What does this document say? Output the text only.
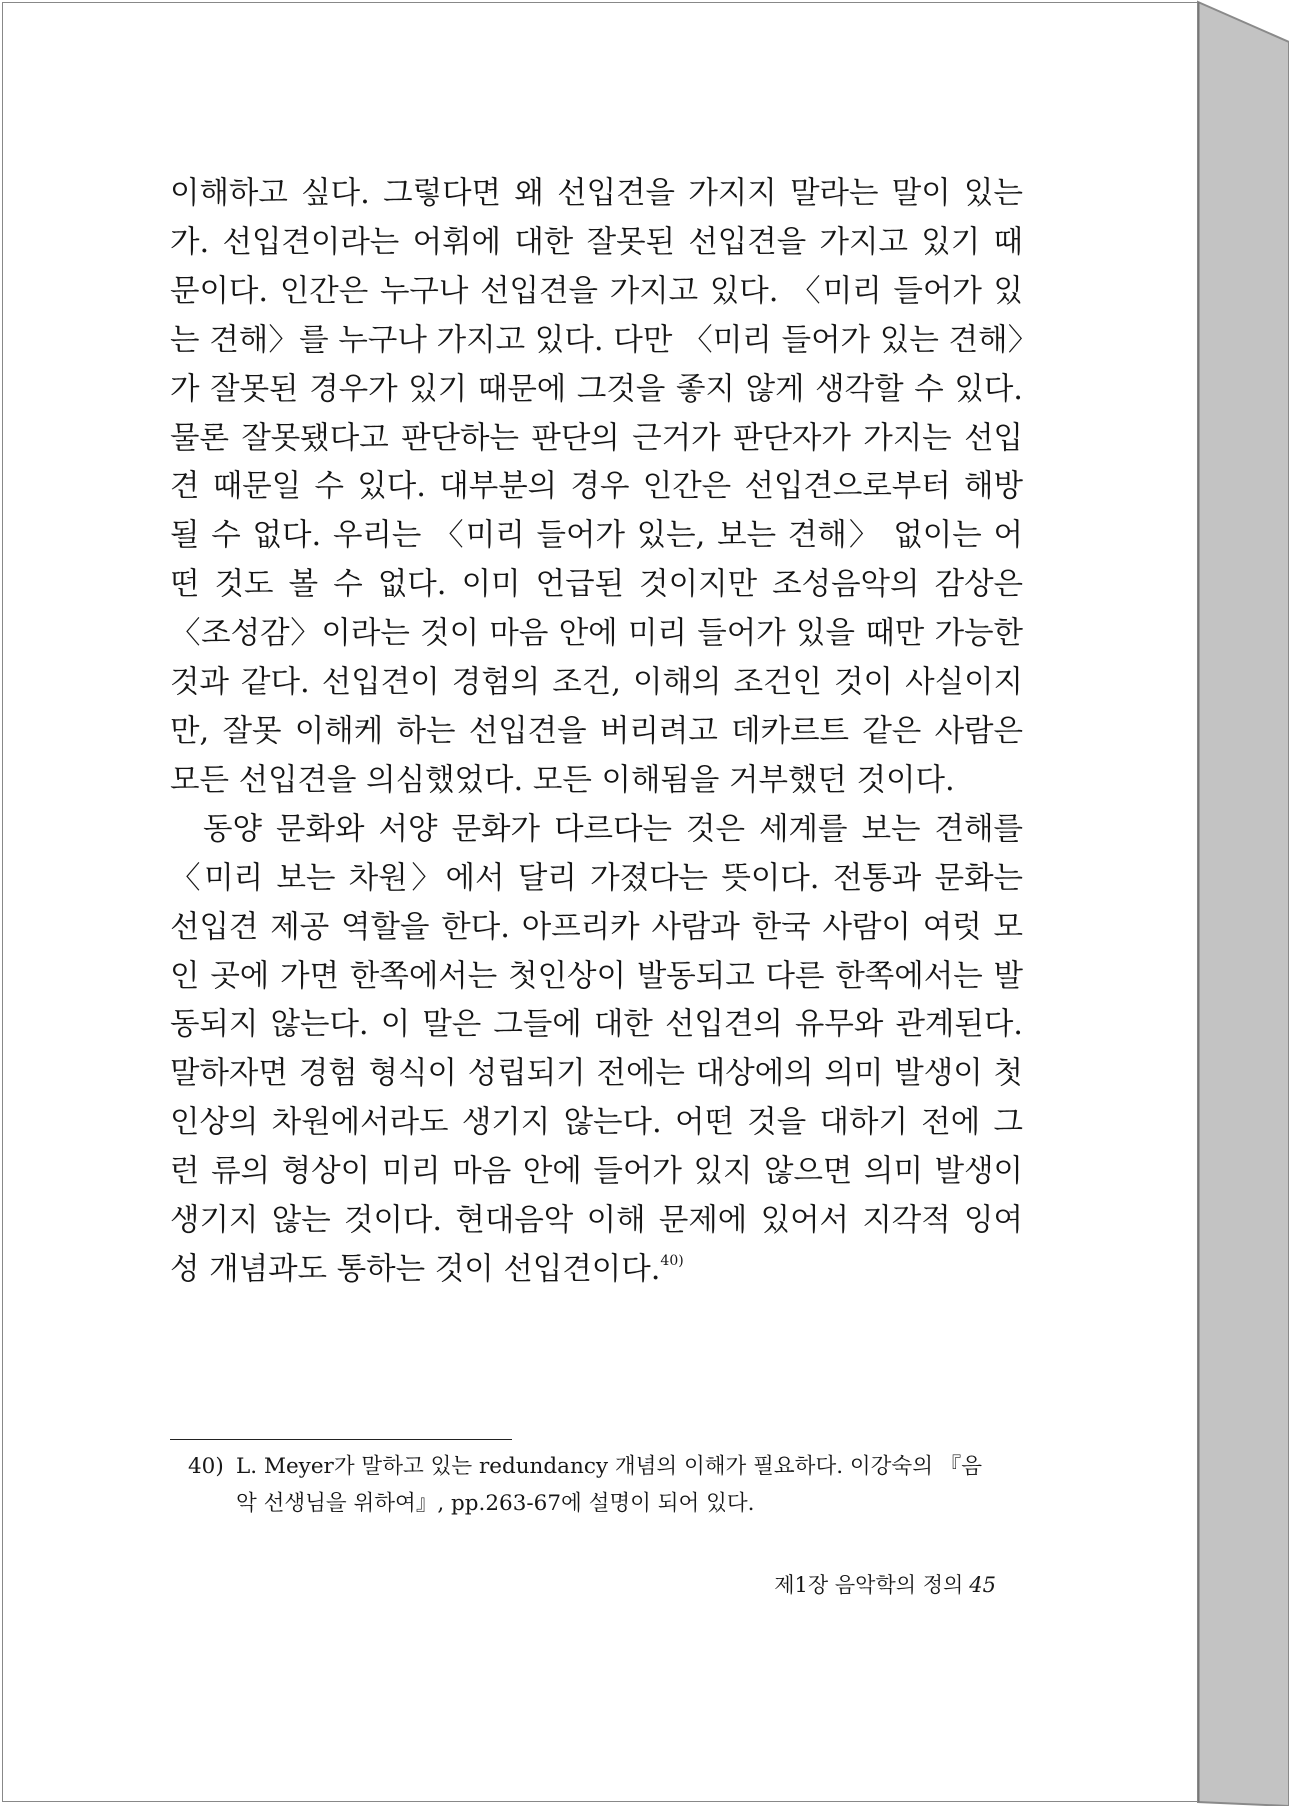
이해하고 싶다. 그렇다면 왜 선입견을 가지지 말라는 말이 있는가. 선입견이라는 어휘에 대한 잘못된 선입견을 가지고 있기 때문이다. 인간은 누구나 선입견을 가지고 있다. 〈미리 들어가 있는 견해〉를 누구나 가지고 있다. 다만 〈미리 들어가 있는 견해〉가 잘못된 경우가 있기 때문에 그것을 좋지 않게 생각할 수 있다. 물론 잘못됐다고 판단하는 판단의 근거가 판단자가 가지는 선입견 때문일 수 있다. 대부분의 경우 인간은 선입견으로부터 해방될 수 없다. 우리는 〈미리 들어가 있는, 보는 견해〉 없이는 어떤 것도 볼 수 없다. 이미 언급된 것이지만 조성음악의 감상은 〈조성감〉이라는 것이 마음 안에 미리 들어가 있을 때만 가능한 것과 같다. 선입견이 경험의 조건, 이해의 조건인 것이 사실이지만, 잘못 이해케 하는 선입견을 버리려고 데카르트 같은 사람은 모든 선입견을 의심했었다. 모든 이해됨을 거부했던 것이다.

동양 문화와 서양 문화가 다르다는 것은 세계를 보는 견해를 〈미리 보는 차원〉에서 달리 가졌다는 뜻이다. 전통과 문화는 선입견 제공 역할을 한다. 아프리카 사람과 한국 사람이 여럿 모인 곳에 가면 한쪽에서는 첫인상이 발동되고 다른 한쪽에서는 발동되지 않는다. 이 말은 그들에 대한 선입견의 유무와 관계된다. 말하자면 경험 형식이 성립되기 전에는 대상에의 의미 발생이 첫인상의 차원에서라도 생기지 않는다. 어떤 것을 대하기 전에 그런 류의 형상이 미리 마음 안에 들어가 있지 않으면 의미 발생이 생기지 않는 것이다. 현대음악 이해 문제에 있어서 지각적 잉여성 개념과도 통하는 것이 선입견이다.$^{40)}$

40) L. Meyer가 말하고 있는 redundancy 개념의 이해가 필요하다. 이강숙의 『음
악 선생님을 위하여』, pp.263-67에 설명이 되어 있다.
제1장 음악학의 정의 45
